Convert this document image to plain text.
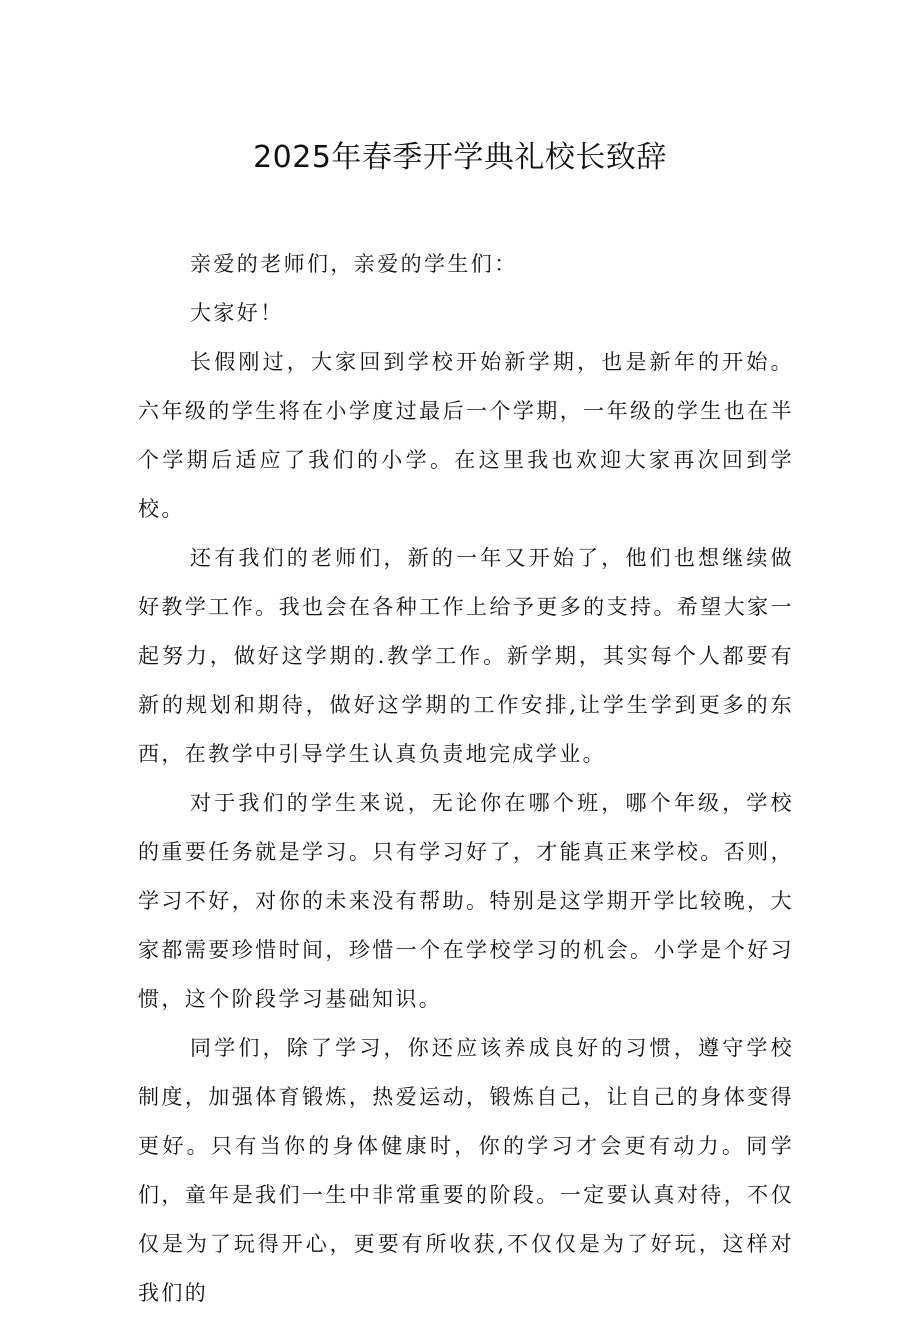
2025年春季开学典礼校长致辞

亲爱的老师们，亲爱的学生们：

大家好！

长假刚过，大家回到学校开始新学期，也是新年的开始。六年级的学生将在小学度过最后一个学期，一年级的学生也在半个学期后适应了我们的小学。在这里我也欢迎大家再次回到学校。

还有我们的老师们，新的一年又开始了，他们也想继续做好教学工作。我也会在各种工作上给予更多的支持。希望大家一起努力，做好这学期的.教学工作。新学期，其实每个人都要有新的规划和期待，做好这学期的工作安排,让学生学到更多的东西，在教学中引导学生认真负责地完成学业。

对于我们的学生来说，无论你在哪个班，哪个年级，学校的重要任务就是学习。只有学习好了，才能真正来学校。否则，学习不好，对你的未来没有帮助。特别是这学期开学比较晚，大家都需要珍惜时间，珍惜一个在学校学习的机会。小学是个好习惯，这个阶段学习基础知识。

同学们，除了学习，你还应该养成良好的习惯，遵守学校制度，加强体育锻炼，热爱运动，锻炼自己，让自己的身体变得更好。只有当你的身体健康时，你的学习才会更有动力。同学们，童年是我们一生中非常重要的阶段。一定要认真对待，不仅仅是为了玩得开心，更要有所收获,不仅仅是为了好玩，这样对我们的
